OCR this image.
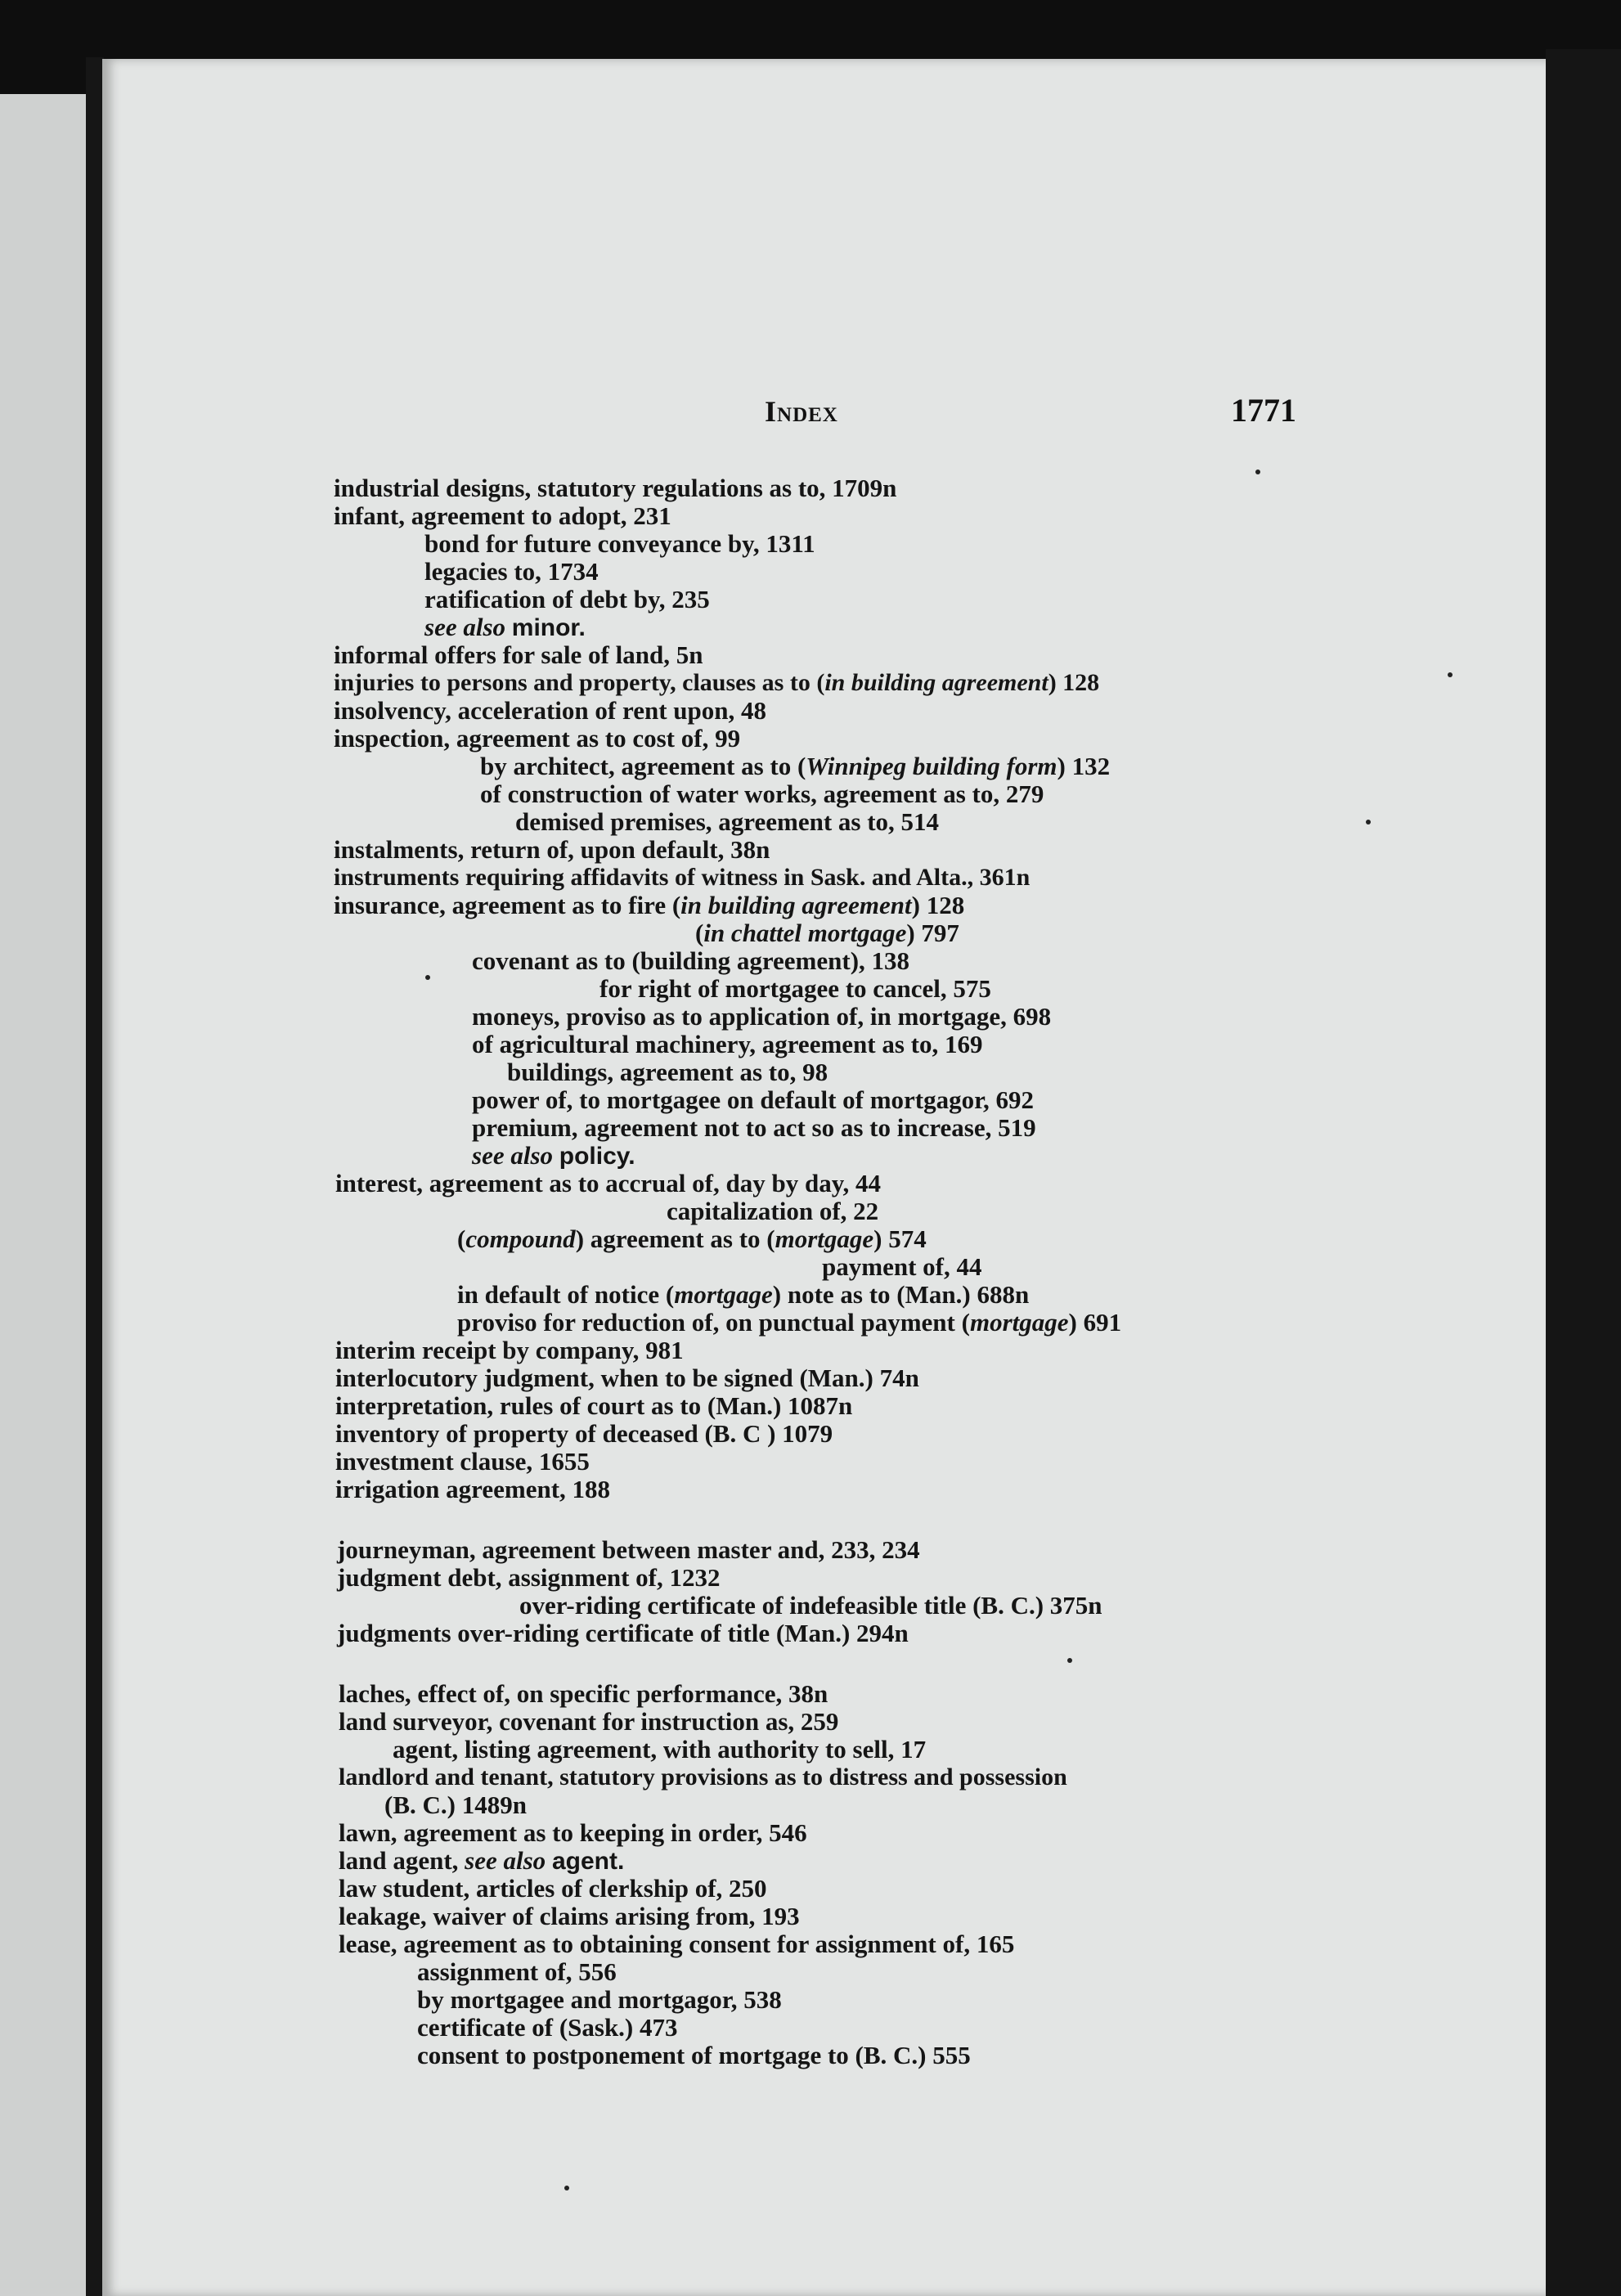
Index	1771
industrial designs, statutory regulations as to, 1709n
infant, agreement to adopt, 231
bond for future conveyance by, 1311
legacies to, 1734
ratification of debt by, 235
see also minor.
informal offers for sale of land, 5n
injuries to persons and property, clauses as to (in building agreement) 128
insolvency, acceleration of rent upon, 48
inspection, agreement as to cost of, 99
by architect, agreement as to (Winnipeg building form) 132
of construction of water works, agreement as to, 279
demised premises, agreement as to, 514
instalments, return of, upon default, 38n
instruments requiring affidavits of witness in Sask. and Alta., 361n
insurance, agreement as to fire (in building agreement) 128
(in chattel mortgage) 797
covenant as to (building agreement), 138
for right of mortgagee to cancel, 575
moneys, proviso as to application of, in mortgage, 698
of agricultural machinery, agreement as to, 169
buildings, agreement as to, 98
power of, to mortgagee on default of mortgagor, 692
premium, agreement not to act so as to increase, 519
see also policy.
interest, agreement as to accrual of, day by day, 44
capitalization of, 22
(compound) agreement as to (mortgage) 574
payment of, 44
in default of notice (mortgage) note as to (Man.) 688n
proviso for reduction of, on punctual payment (mortgage) 691
interim receipt by company, 981
interlocutory judgment, when to be signed (Man.) 74n
interpretation, rules of court as to (Man.) 1087n
inventory of property of deceased (B. C ) 1079
investment clause, 1655
irrigation agreement, 188
journeyman, agreement between master and, 233, 234
judgment debt, assignment of, 1232
over-riding certificate of indefeasible title (B. C.) 375n
judgments over-riding certificate of title (Man.) 294n
laches, effect of, on specific performance, 38n
land surveyor, covenant for instruction as, 259
agent, listing agreement, with authority to sell, 17
landlord and tenant, statutory provisions as to distress and possession
(B. C.) 1489n
lawn, agreement as to keeping in order, 546
land agent, see also agent.
law student, articles of clerkship of, 250
leakage, waiver of claims arising from, 193
lease, agreement as to obtaining consent for assignment of, 165
assignment of, 556
by mortgagee and mortgagor, 538
certificate of (Sask.) 473
consent to postponement of mortgage to (B. C.) 555
